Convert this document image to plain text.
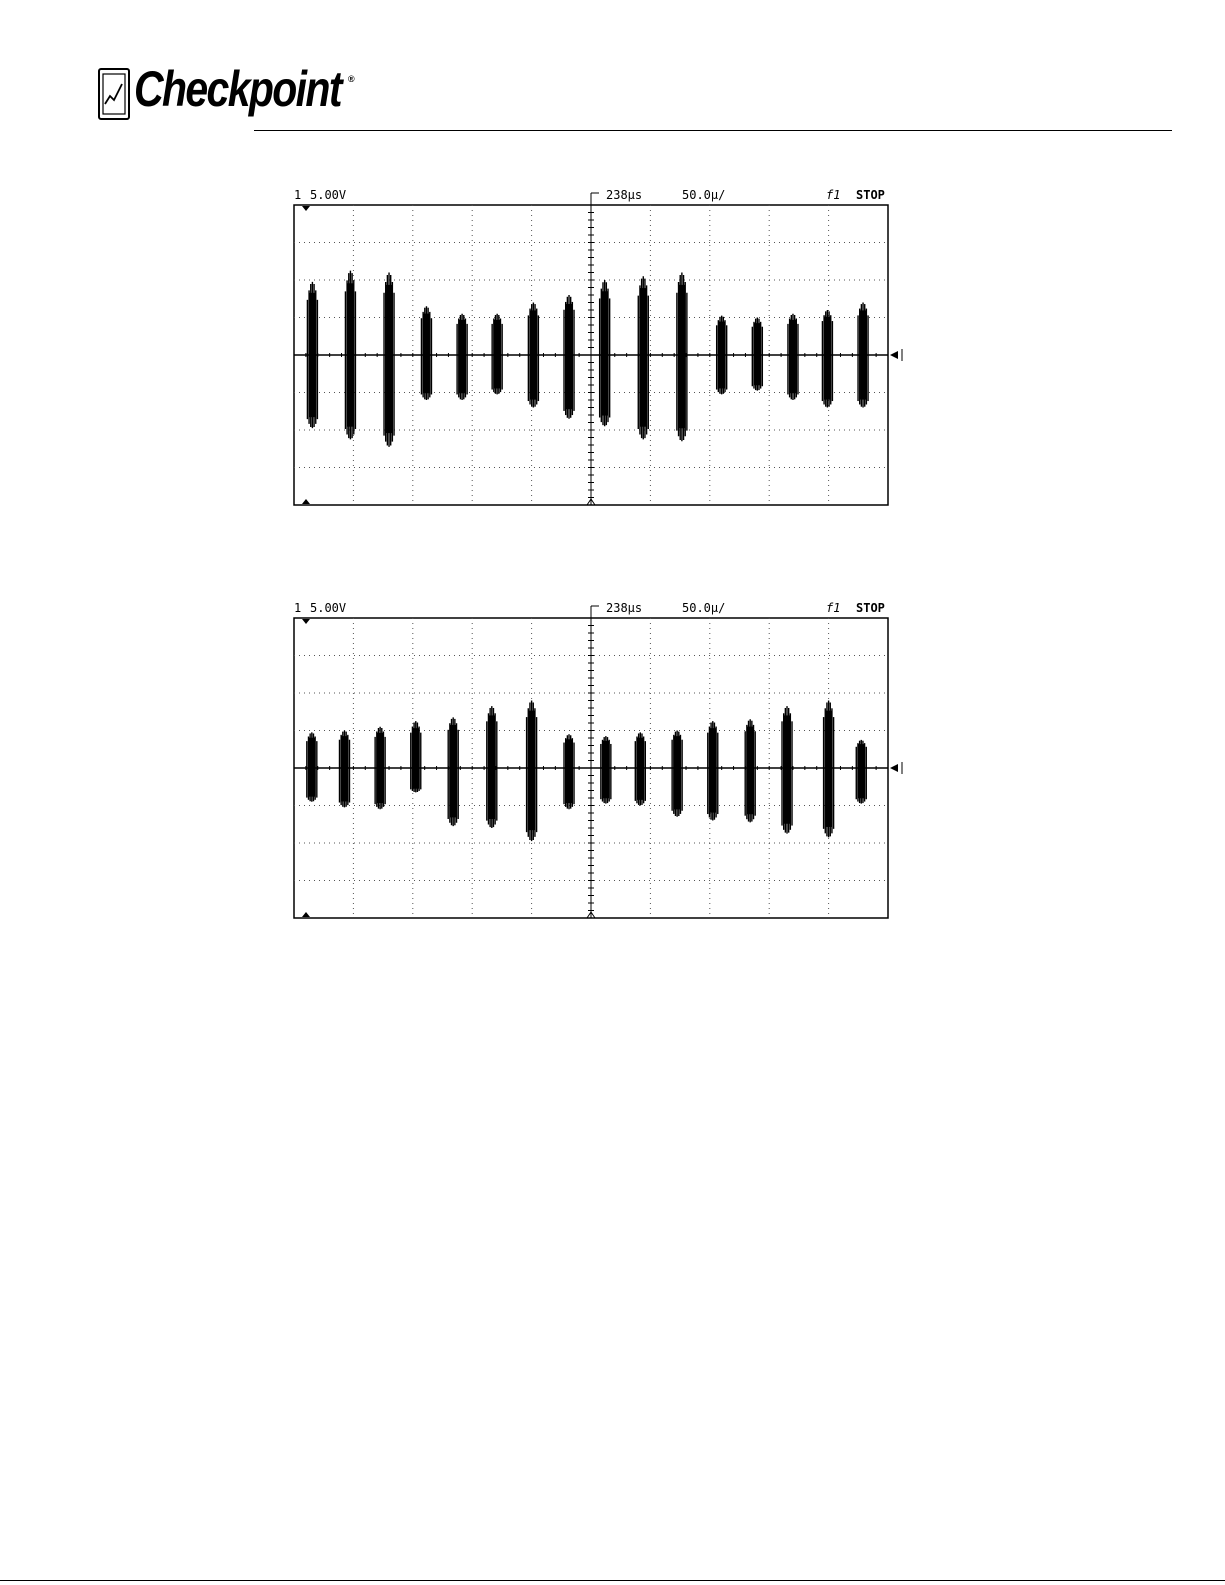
Checkpoint ®
1 5.00V	238µs	50.0µ/	f1 STOP
1 5.00V	238µs	50.0µ/	f1 STOP
